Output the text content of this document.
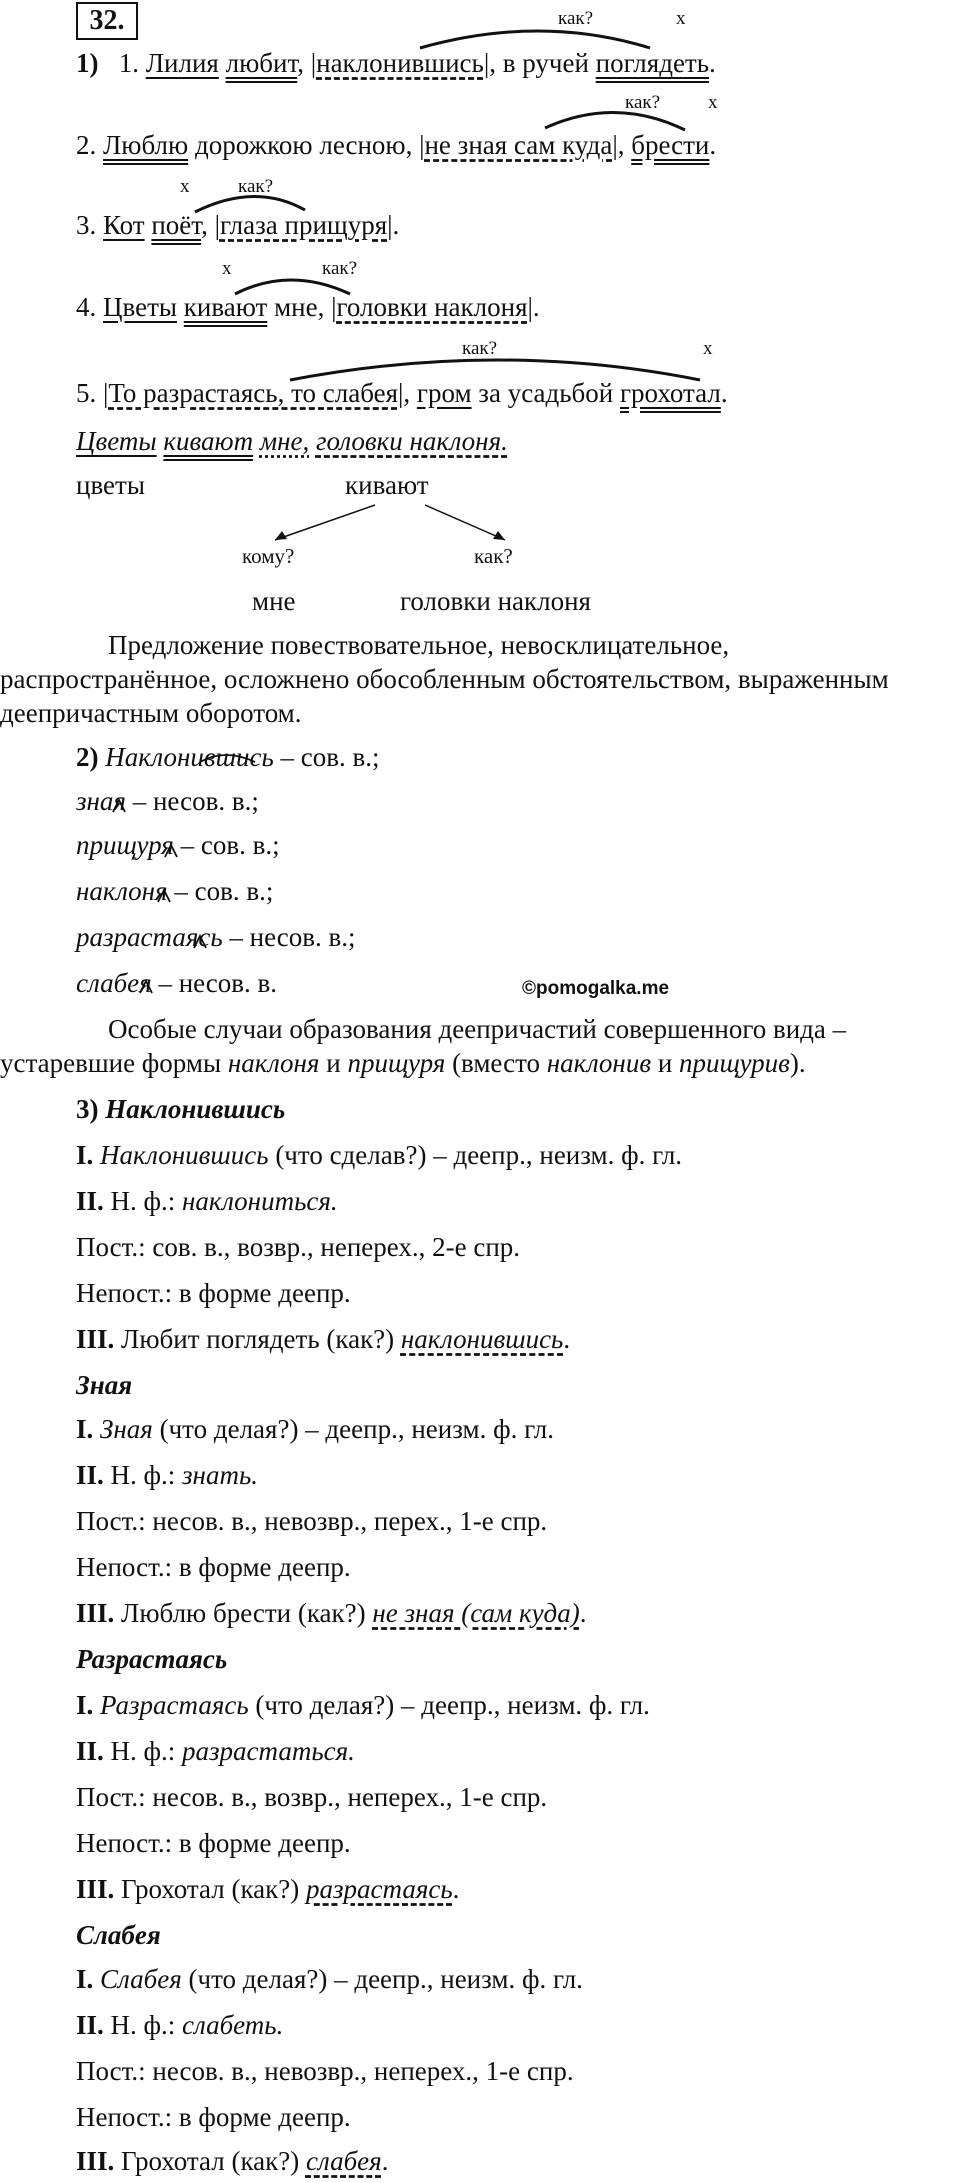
32.
1) 1. Лилия любит, |наклонившись|, в ручей поглядеть.
как?	x
2. Люблю дорожкою лесною, |не зная сам куда|, брести.
как?	x
3. Кот поёт, |глаза прищуря|.
x	как?
4. Цветы кивают мне, |головки наклоня|.
x	как?
5. |То разрастаясь, то слабея|, гром за усадьбой грохотал.
как?	x
Цветы кивают мне, головки наклоня.
цветы	кивают
кому?	как?
мне	головки наклоня
Предложение повествовательное, невосклицательное,
распространённое, осложнено обособленным обстоятельством, выраженным
деепричастным оборотом.
2) Наклонившись – сов. в.;
зная – несов. в.;
прищуря – сов. в.;
наклоня – сов. в.;
разрастаясь – несов. в.;
слабея – несов. в.	©pomogalka.me
Особые случаи образования деепричастий совершенного вида –
устаревшие формы наклоня и прищуря (вместо наклонив и прищурив).
3) Наклонившись
I. Наклонившись (что сделав?) – деепр., неизм. ф. гл.
II. Н. ф.: наклониться.
Пост.: сов. в., возвр., неперех., 2-е спр.
Непост.: в форме деепр.
III. Любит поглядеть (как?) наклонившись.
Зная
I. Зная (что делая?) – деепр., неизм. ф. гл.
II. Н. ф.: знать.
Пост.: несов. в., невозвр., перех., 1-е спр.
Непост.: в форме деепр.
III. Люблю брести (как?) не зная (сам куда).
Разрастаясь
I. Разрастаясь (что делая?) – деепр., неизм. ф. гл.
II. Н. ф.: разрастаться.
Пост.: несов. в., возвр., неперех., 1-е спр.
Непост.: в форме деепр.
III. Грохотал (как?) разрастаясь.
Слабея
I. Слабея (что делая?) – деепр., неизм. ф. гл.
II. Н. ф.: слабеть.
Пост.: несов. в., невозвр., неперех., 1-е спр.
Непост.: в форме деепр.
III. Грохотал (как?) слабея.
